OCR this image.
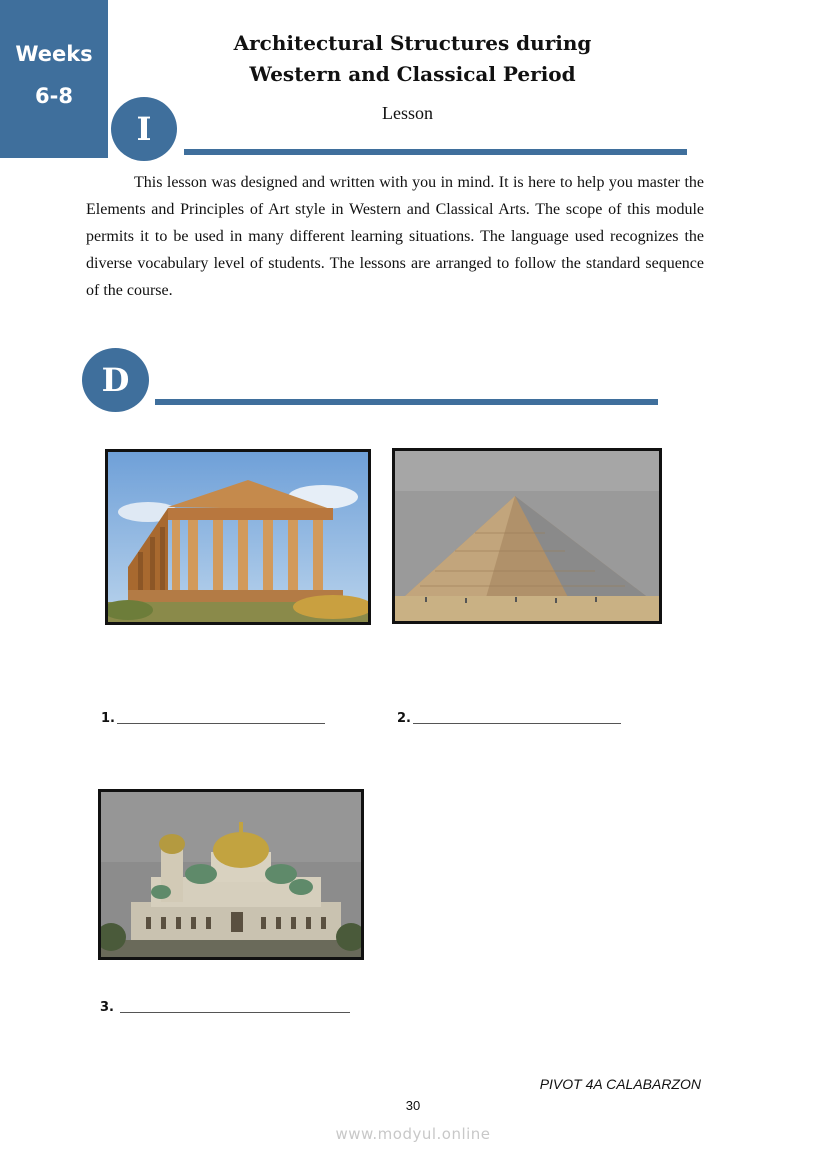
Weeks
6-8
Architectural Structures during
Western and Classical Period
I	Lesson
This lesson was designed and written with you in mind. It is here to help you master the Elements and Principles of Art style in Western and Classical Arts. The scope of this module permits it to be used in many different learning situations. The language used recognizes the diverse vocabulary level of students. The lessons are arranged to follow the standard sequence of the course.
D
1.	2.
3.
PIVOT 4A CALABARZON
30
www.modyul.online
